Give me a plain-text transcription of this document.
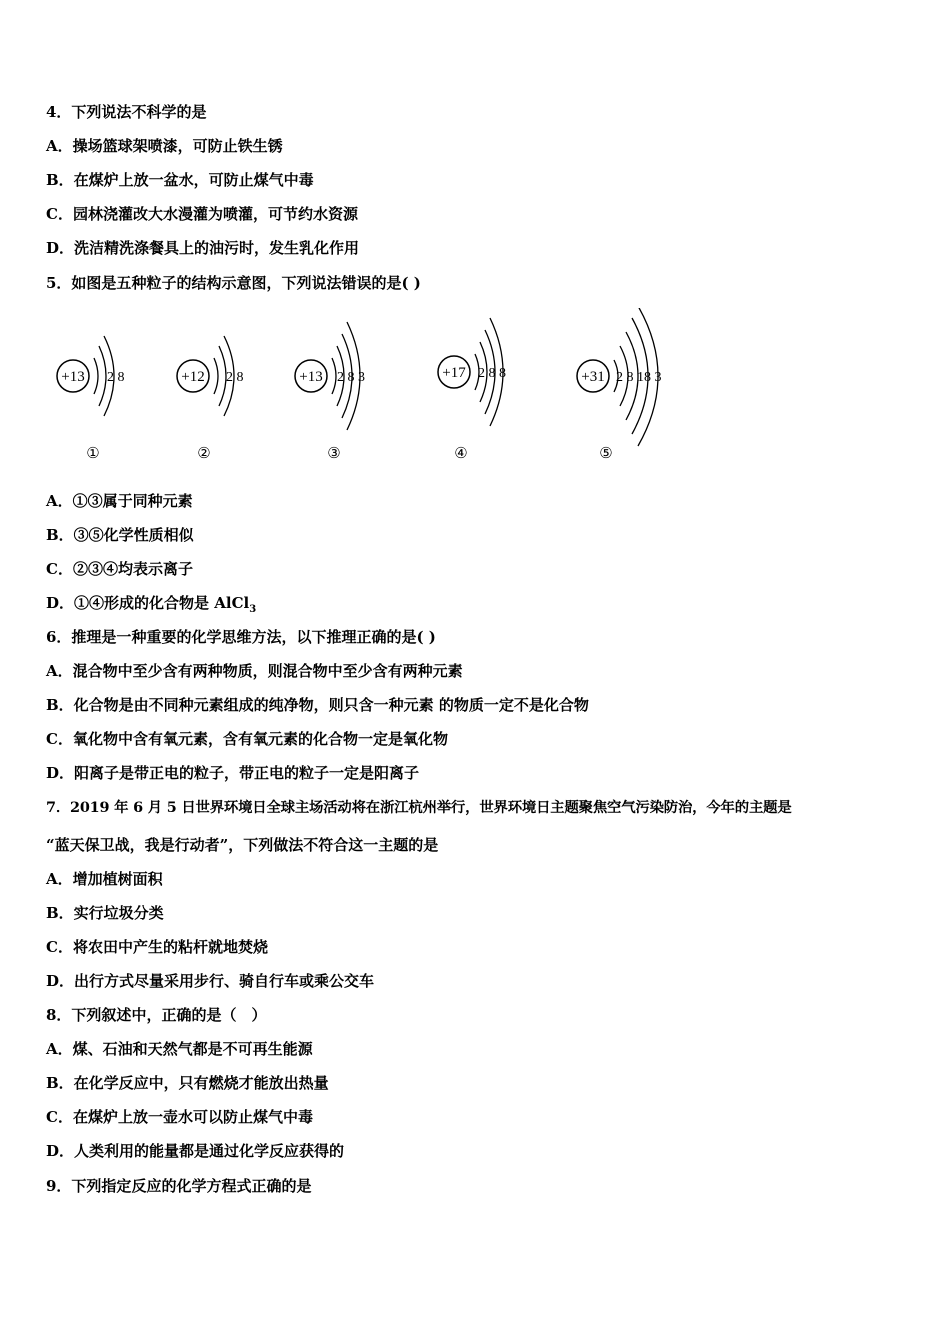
4．下列说法不科学的是
A．操场篮球架喷漆，可防止铁生锈
B．在煤炉上放一盆水，可防止煤气中毒
C．园林浇灌改大水漫灌为喷灌，可节约水资源
D．洗洁精洗涤餐具上的油污时，发生乳化作用
5．如图是五种粒子的结构示意图，下列说法错误的是( )
+13 2 8
①
+12 2 8
②
+13 2 8 3
③
+17 2 8 8
④
+31 2 8 18 3
⑤
A．①③属于同种元素
B．③⑤化学性质相似
C．②③④均表示离子
D．①④形成的化合物是 AlCl$_3$
6．推理是一种重要的化学思维方法，以下推理正确的是( )
A．混合物中至少含有两种物质，则混合物中至少含有两种元素
B．化合物是由不同种元素组成的纯净物，则只含一种元素 的物质一定不是化合物
C．氧化物中含有氧元素，含有氧元素的化合物一定是氧化物
D．阳离子是带正电的粒子，带正电的粒子一定是阳离子
7．2019 年 6 月 5 日世界环境日全球主场活动将在浙江杭州举行，世界环境日主题聚焦空气污染防治，今年的主题是
“蓝天保卫战，我是行动者”，下列做法不符合这一主题的是
A．增加植树面积
B．实行垃圾分类
C．将农田中产生的粘杆就地焚烧
D．出行方式尽量采用步行、骑自行车或乘公交车
8．下列叙述中，正确的是（　）
A．煤、石油和天然气都是不可再生能源
B．在化学反应中，只有燃烧才能放出热量
C．在煤炉上放一壶水可以防止煤气中毒
D．人类利用的能量都是通过化学反应获得的
9．下列指定反应的化学方程式正确的是
